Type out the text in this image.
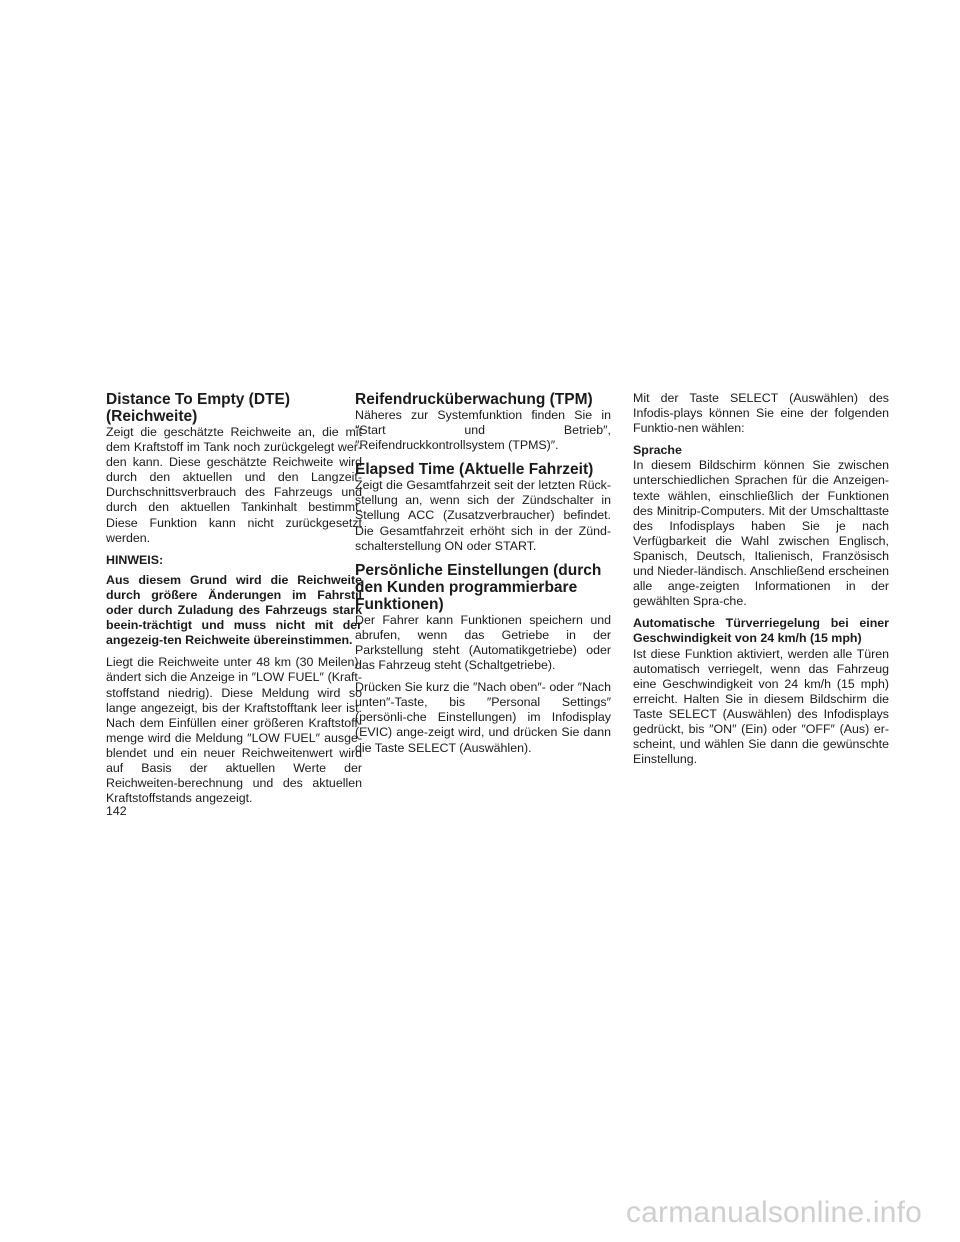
Distance To Empty (DTE)
(Reichweite)

Zeigt die geschätzte Reichweite an, die mit dem Kraftstoff im Tank noch zurückgelegt wer-den kann. Diese geschätzte Reichweite wird durch den aktuellen und den Langzeit-Durchschnittsverbrauch des Fahrzeugs und durch den aktuellen Tankinhalt bestimmt. Diese Funktion kann nicht zurückgesetzt werden.

HINWEIS:

Aus diesem Grund wird die Reichweite durch größere Änderungen im Fahrstil oder durch Zuladung des Fahrzeugs stark beein-trächtigt und muss nicht mit der angezeig-ten Reichweite übereinstimmen.

Liegt die Reichweite unter 48 km (30 Meilen), ändert sich die Anzeige in ″LOW FUEL″ (Kraft-stoffstand niedrig). Diese Meldung wird so lange angezeigt, bis der Kraftstofftank leer ist. Nach dem Einfüllen einer größeren Kraftstoff-menge wird die Meldung ″LOW FUEL″ ausge-blendet und ein neuer Reichweitenwert wird auf Basis der aktuellen Werte der Reichweiten-berechnung und des aktuellen Kraftstoffstands angezeigt.

Reifendrucküberwachung (TPM)

Näheres zur Systemfunktion finden Sie in ″Start und Betrieb″, ″Reifendruckkontrollsystem (TPMS)″.

Elapsed Time (Aktuelle Fahrzeit)

Zeigt die Gesamtfahrzeit seit der letzten Rück-stellung an, wenn sich der Zündschalter in Stellung ACC (Zusatzverbraucher) befindet. Die Gesamtfahrzeit erhöht sich in der Zünd-schalterstellung ON oder START.

Persönliche Einstellungen (durch den Kunden programmierbare Funktionen)

Der Fahrer kann Funktionen speichern und abrufen, wenn das Getriebe in der Parkstellung steht (Automatikgetriebe) oder das Fahrzeug steht (Schaltgetriebe).

Drücken Sie kurz die ″Nach oben″- oder ″Nach unten″-Taste, bis ″Personal Settings″ (persönli-che Einstellungen) im Infodisplay (EVIC) ange-zeigt wird, und drücken Sie dann die Taste SELECT (Auswählen).

Mit der Taste SELECT (Auswählen) des Infodis-plays können Sie eine der folgenden Funktio-nen wählen:

Sprache

In diesem Bildschirm können Sie zwischen unterschiedlichen Sprachen für die Anzeigen-texte wählen, einschließlich der Funktionen des Minitrip-Computers. Mit der Umschalttaste des Infodisplays haben Sie je nach Verfügbarkeit die Wahl zwischen Englisch, Spanisch, Deutsch, Italienisch, Französisch und Nieder-ländisch. Anschließend erscheinen alle ange-zeigten Informationen in der gewählten Spra-che.

Automatische Türverriegelung bei einer Geschwindigkeit von 24 km/h (15 mph)

Ist diese Funktion aktiviert, werden alle Türen automatisch verriegelt, wenn das Fahrzeug eine Geschwindigkeit von 24 km/h (15 mph) erreicht. Halten Sie in diesem Bildschirm die Taste SELECT (Auswählen) des Infodisplays gedrückt, bis ″ON″ (Ein) oder ″OFF″ (Aus) er-scheint, und wählen Sie dann die gewünschte Einstellung.

142
carmanualsonline.info
